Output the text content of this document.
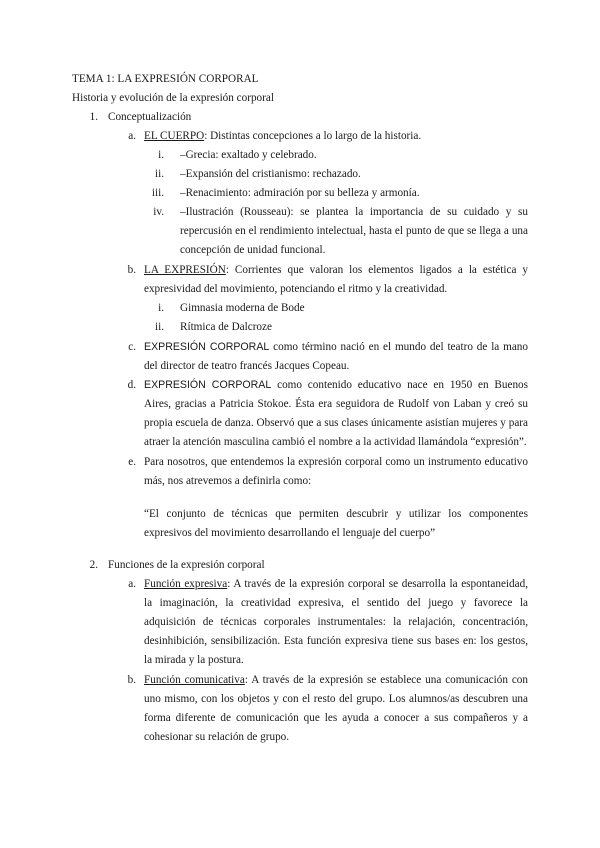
TEMA 1: LA EXPRESIÓN CORPORAL
Historia y evolución de la expresión corporal
1. Conceptualización
a. EL CUERPO: Distintas concepciones a lo largo de la historia.
i. –Grecia: exaltado y celebrado.
ii. –Expansión del cristianismo: rechazado.
iii. –Renacimiento: admiración por su belleza y armonía.
iv. –Ilustración (Rousseau): se plantea la importancia de su cuidado y su repercusión en el rendimiento intelectual, hasta el punto de que se llega a una concepción de unidad funcional.
b. LA EXPRESIÓN: Corrientes que valoran los elementos ligados a la estética y expresividad del movimiento, potenciando el ritmo y la creatividad.
i. Gimnasia moderna de Bode
ii. Rítmica de Dalcroze
c. EXPRESIÓN CORPORAL como término nació en el mundo del teatro de la mano del director de teatro francés Jacques Copeau.
d. EXPRESIÓN CORPORAL como contenido educativo nace en 1950 en Buenos Aires, gracias a Patricia Stokoe. Ésta era seguidora de Rudolf von Laban y creó su propia escuela de danza. Observó que a sus clases únicamente asistían mujeres y para atraer la atención masculina cambió el nombre a la actividad llamándola “expresión”.
e. Para nosotros, que entendemos la expresión corporal como un instrumento educativo más, nos atrevemos a definirla como:
“El conjunto de técnicas que permiten descubrir y utilizar los componentes expresivos del movimiento desarrollando el lenguaje del cuerpo”
2. Funciones de la expresión corporal
a. Función expresiva: A través de la expresión corporal se desarrolla la espontaneidad, la imaginación, la creatividad expresiva, el sentido del juego y favorece la adquisición de técnicas corporales instrumentales: la relajación, concentración, desinhibición, sensibilización. Esta función expresiva tiene sus bases en: los gestos, la mirada y la postura.
b. Función comunicativa: A través de la expresión se establece una comunicación con uno mismo, con los objetos y con el resto del grupo. Los alumnos/as descubren una forma diferente de comunicación que les ayuda a conocer a sus compañeros y a cohesionar su relación de grupo.
